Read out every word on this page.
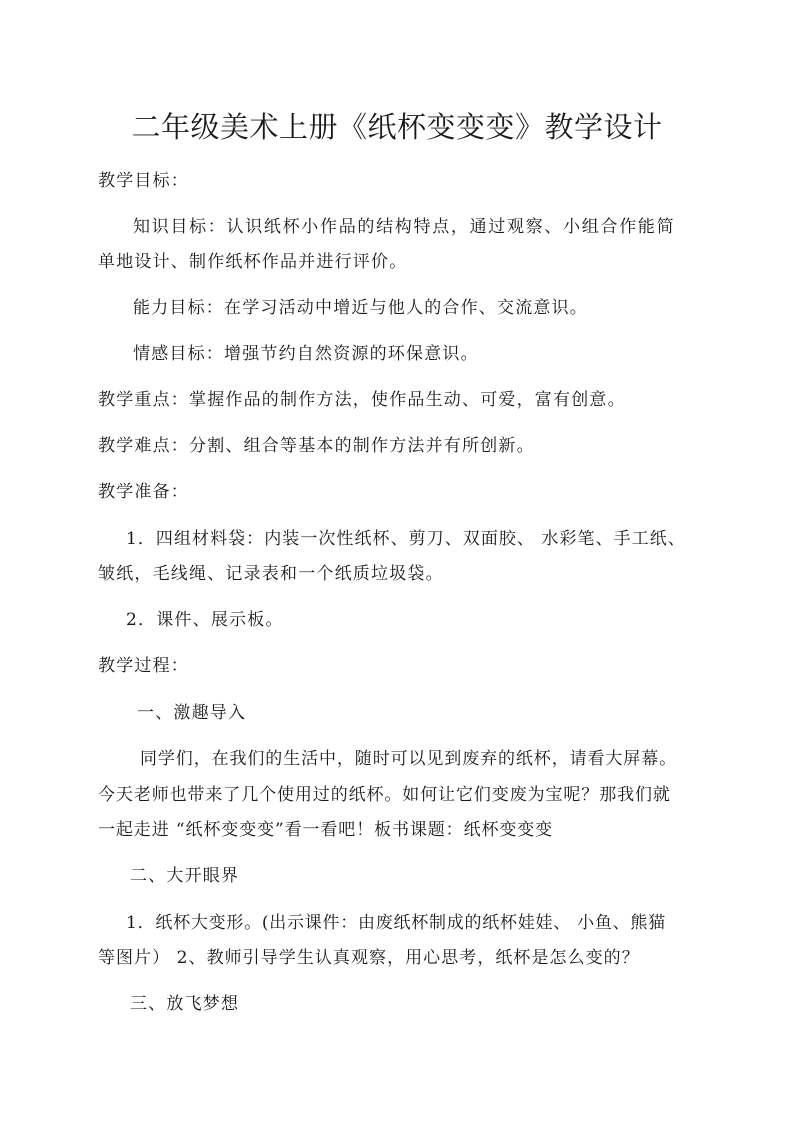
二年级美术上册《纸杯变变变》教学设计
教学目标：
知识目标：认识纸杯小作品的结构特点，通过观察、小组合作能简
单地设计、制作纸杯作品并进行评价。
能力目标：在学习活动中增近与他人的合作、交流意识。
情感目标：增强节约自然资源的环保意识。
教学重点：掌握作品的制作方法，使作品生动、可爱，富有创意。
教学难点：分割、组合等基本的制作方法并有所创新。
教学准备：
1．四组材料袋：内装一次性纸杯、剪刀、双面胶、 水彩笔、手工纸、
皱纸，毛线绳、记录表和一个纸质垃圾袋。
2．课件、展示板。
教学过程：
一、激趣导入
同学们，在我们的生活中，随时可以见到废弃的纸杯，请看大屏幕。
今天老师也带来了几个使用过的纸杯。如何让它们变废为宝呢？那我们就
一起走进 “纸杯变变变”看一看吧！板书课题：纸杯变变变
二、大开眼界
1．纸杯大变形。(出示课件：由废纸杯制成的纸杯娃娃、 小鱼、熊猫
等图片） 2、教师引导学生认真观察，用心思考，纸杯是怎么变的？
三、放飞梦想
